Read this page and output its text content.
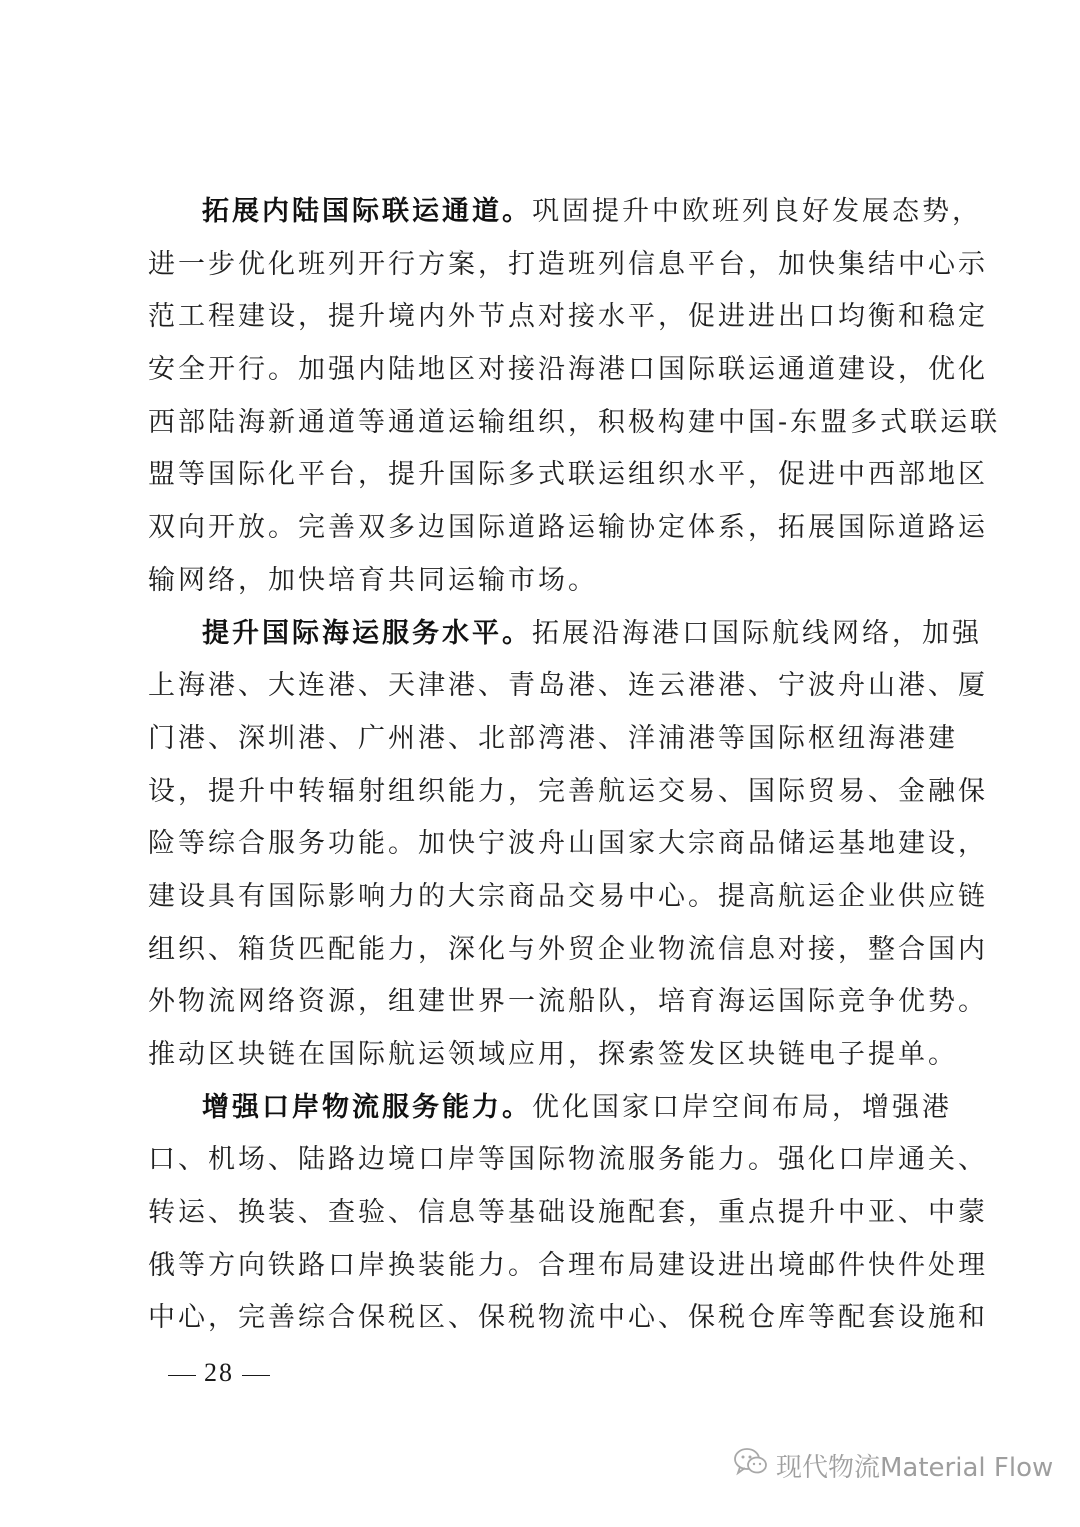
拓展内陆国际联运通道。巩固提升中欧班列良好发展态势，
进一步优化班列开行方案，打造班列信息平台，加快集结中心示
范工程建设，提升境内外节点对接水平，促进进出口均衡和稳定
安全开行。加强内陆地区对接沿海港口国际联运通道建设，优化
西部陆海新通道等通道运输组织，积极构建中国-东盟多式联运联
盟等国际化平台，提升国际多式联运组织水平，促进中西部地区
双向开放。完善双多边国际道路运输协定体系，拓展国际道路运
输网络，加快培育共同运输市场。
提升国际海运服务水平。拓展沿海港口国际航线网络，加强
上海港、大连港、天津港、青岛港、连云港港、宁波舟山港、厦
门港、深圳港、广州港、北部湾港、洋浦港等国际枢纽海港建
设，提升中转辐射组织能力，完善航运交易、国际贸易、金融保
险等综合服务功能。加快宁波舟山国家大宗商品储运基地建设，
建设具有国际影响力的大宗商品交易中心。提高航运企业供应链
组织、箱货匹配能力，深化与外贸企业物流信息对接，整合国内
外物流网络资源，组建世界一流船队，培育海运国际竞争优势。
推动区块链在国际航运领域应用，探索签发区块链电子提单。
增强口岸物流服务能力。优化国家口岸空间布局，增强港
口、机场、陆路边境口岸等国际物流服务能力。强化口岸通关、
转运、换装、查验、信息等基础设施配套，重点提升中亚、中蒙
俄等方向铁路口岸换装能力。合理布局建设进出境邮件快件处理
中心，完善综合保税区、保税物流中心、保税仓库等配套设施和
28
现代物流Material Flow
